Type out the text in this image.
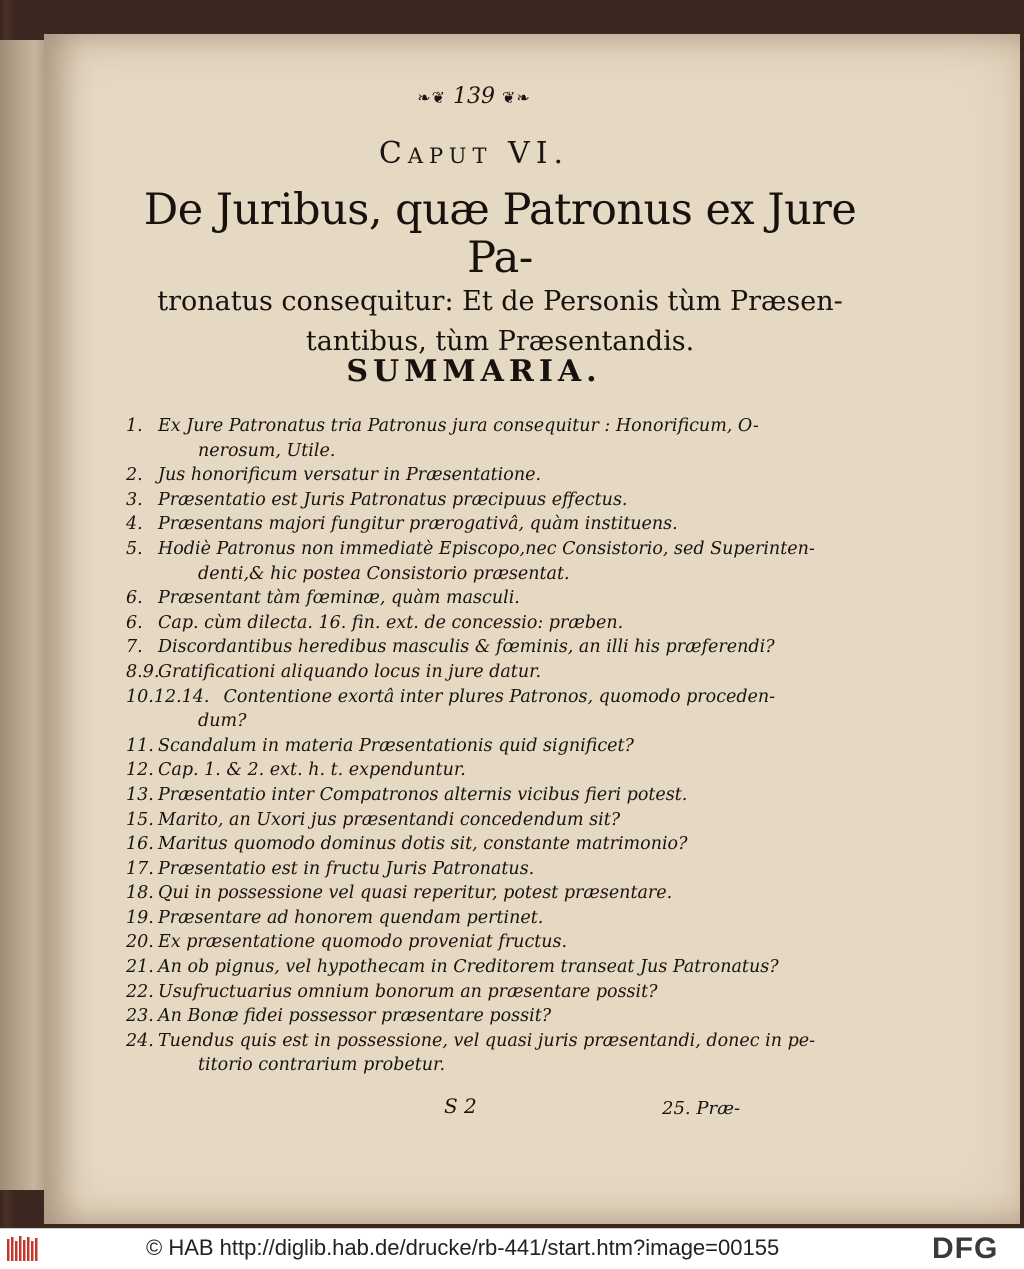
❧❦ 139 ❦❧
Caput VI.
De Juribus, quæ Patronus ex Jure Pa-
tronatus consequitur: Et de Personis tùm Præsen-
tantibus, tùm Præsentandis.
SUMMARIA.
1. Ex Jure Patronatus tria Patronus jura consequitur : Honorificum, O-
nerosum, Utile.
2. Jus honorificum versatur in Præsentatione.
3. Præsentatio est Juris Patronatus præcipuus effectus.
4. Præsentans majori fungitur prærogativâ, quàm instituens.
5. Hodiè Patronus non immediatè Episcopo,nec Consistorio, sed Superinten-
denti,& hic postea Consistorio præsentat.
6. Præsentant tàm fœminæ, quàm masculi.
6. Cap. cùm dilecta. 16. fin. ext. de concessio: præben.
7. Discordantibus heredibus masculis & fœminis, an illi his præferendi?
8.9.Gratificationi aliquando locus in jure datur.
10.12.14. Contentione exortâ inter plures Patronos, quomodo proceden-
dum?
11. Scandalum in materia Præsentationis quid significet?
12. Cap. 1. & 2. ext. h. t. expenduntur.
13. Præsentatio inter Compatronos alternis vicibus fieri potest.
15. Marito, an Uxori jus præsentandi concedendum sit?
16. Maritus quomodo dominus dotis sit, constante matrimonio?
17. Præsentatio est in fructu Juris Patronatus.
18. Qui in possessione vel quasi reperitur, potest præsentare.
19. Præsentare ad honorem quendam pertinet.
20. Ex præsentatione quomodo proveniat fructus.
21. An ob pignus, vel hypothecam in Creditorem transeat Jus Patronatus?
22. Usufructuarius omnium bonorum an præsentare possit?
23. An Bonæ fidei possessor præsentare possit?
24. Tuendus quis est in possessione, vel quasi juris præsentandi, donec in pe-
titorio contrarium probetur.
S 2	25. Præ-
© HAB http://diglib.hab.de/drucke/rb-441/start.htm?image=00155	DFG
